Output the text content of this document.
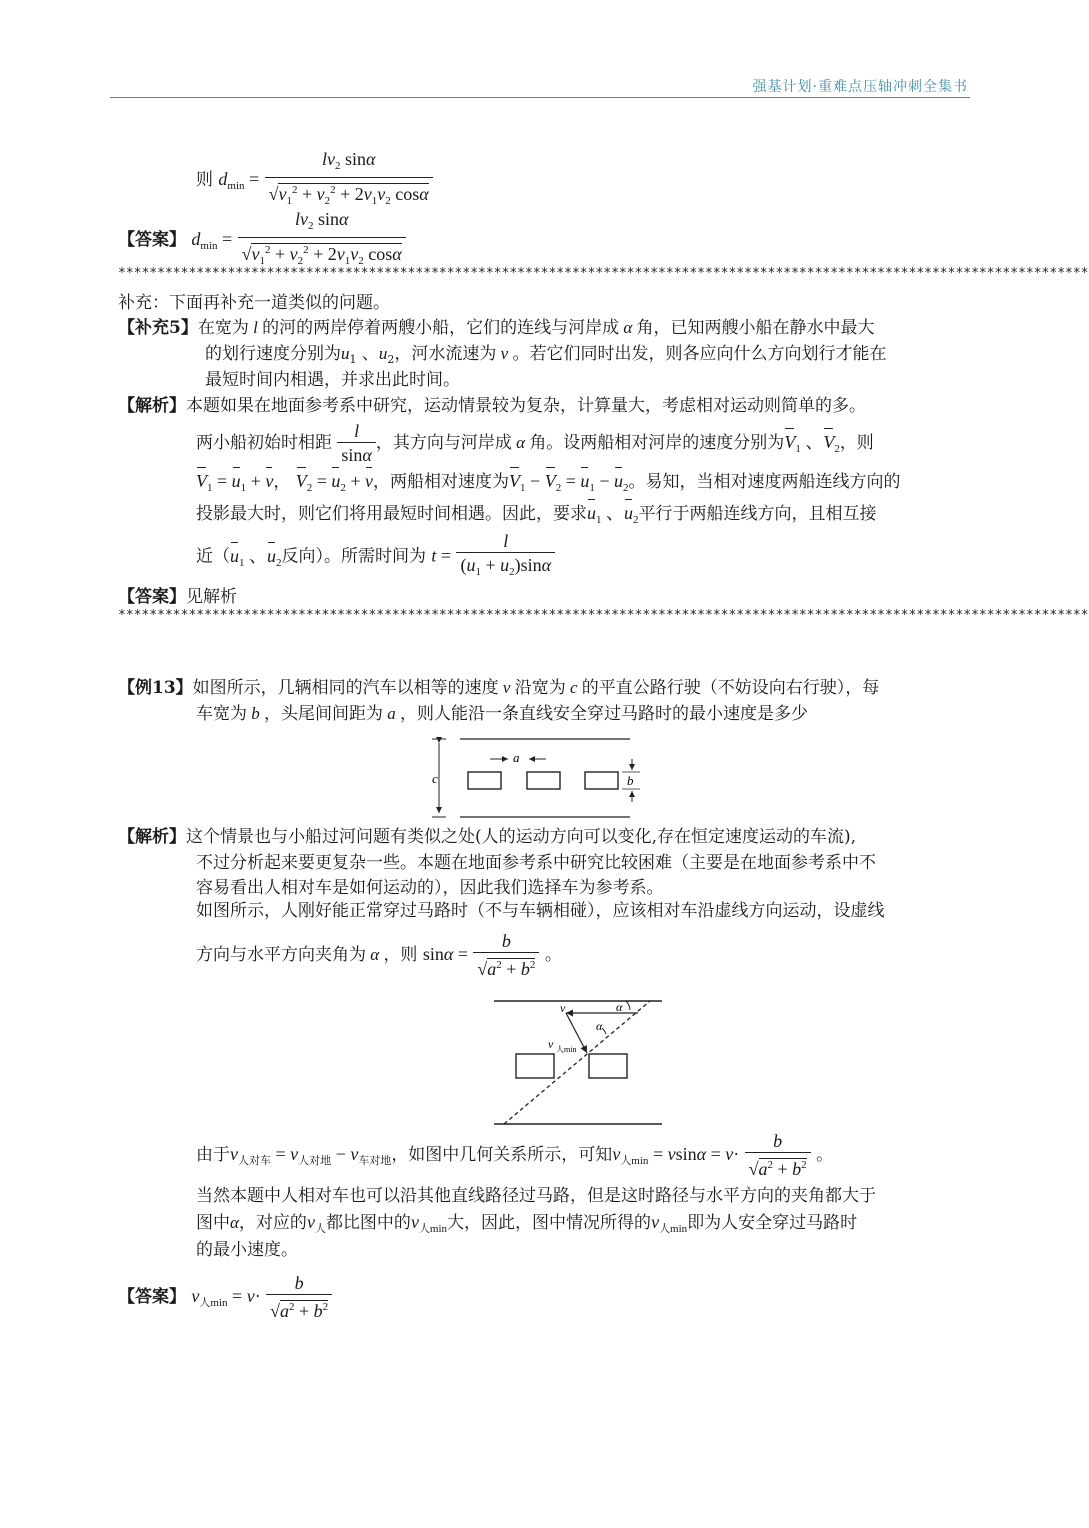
强基计划·重难点压轴冲刺全集书
则 $d_{min} = \frac{lv_2 \sin\alpha}{√v_1^2 + v_2^2 + 2v_1v_2 \cos\alpha}$
【答案】 $d_{min} = \frac{lv_2 \sin\alpha}{√v_1^2 + v_2^2 + 2v_1v_2 \cos\alpha}$
****************************************************************************************************************************
补充：下面再补充一道类似的问题。
【补充5】在宽为 l 的河的两岸停着两艘小船，它们的连线与河岸成 α 角，已知两艘小船在静水中最大
的划行速度分别为$u_1$ 、$u_2$，河水流速为 v 。若它们同时出发，则各应向什么方向划行才能在
最短时间内相遇，并求出此时间。
【解析】本题如果在地面参考系中研究，运动情景较为复杂，计算量大，考虑相对运动则简单的多。
两小船初始时相距 $\frac{l}{\sin\alpha}$ ，其方向与河岸成 α 角。设两船相对河岸的速度分别为$V_1$ 、$V_2$，则
$V_1 = u_1 + v$， $V_2 = u_2 + v$，两船相对速度为$V_1 - V_2 = u_1 - u_2$。易知，当相对速度两船连线方向的
投影最大时，则它们将用最短时间相遇。因此，要求$u_1$ 、$u_2$平行于两船连线方向，且相互接
近（$u_1$ 、$u_2$反向）。所需时间为 $t = \frac{l}{(u_1 + u_2)\sin\alpha}$
【答案】见解析
****************************************************************************************************************************
【例13】如图所示，几辆相同的汽车以相等的速度 v 沿宽为 c 的平直公路行驶（不妨设向右行驶），每
车宽为 b ，头尾间间距为 a ，则人能沿一条直线安全穿过马路时的最小速度是多少
c
a
b
【解析】这个情景也与小船过河问题有类似之处(人的运动方向可以变化,存在恒定速度运动的车流),
不过分析起来要更复杂一些。本题在地面参考系中研究比较困难（主要是在地面参考系中不
容易看出人相对车是如何运动的），因此我们选择车为参考系。
如图所示，人刚好能正常穿过马路时（不与车辆相碰），应该相对车沿虚线方向运动，设虚线
方向与水平方向夹角为 α ，则 $\sin\alpha = \frac{b}{√a^2 + b^2}$ 。
v	α
α
v 人min
由于$v_{人对车} = v_{人对地} - v_{车对地}$，如图中几何关系所示，可知$v_{人min} = vsin\alpha = v\cdot \frac{b}{√a^2 + b^2}$ 。
当然本题中人相对车也可以沿其他直线路径过马路，但是这时路径与水平方向的夹角都大于
图中α，对应的$v_人$都比图中的$v_{人min}$大，因此，图中情况所得的$v_{人min}$即为人安全穿过马路时
的最小速度。
【答案】 $v_{人min} = v\cdot \frac{b}{√a^2 + b^2}$
